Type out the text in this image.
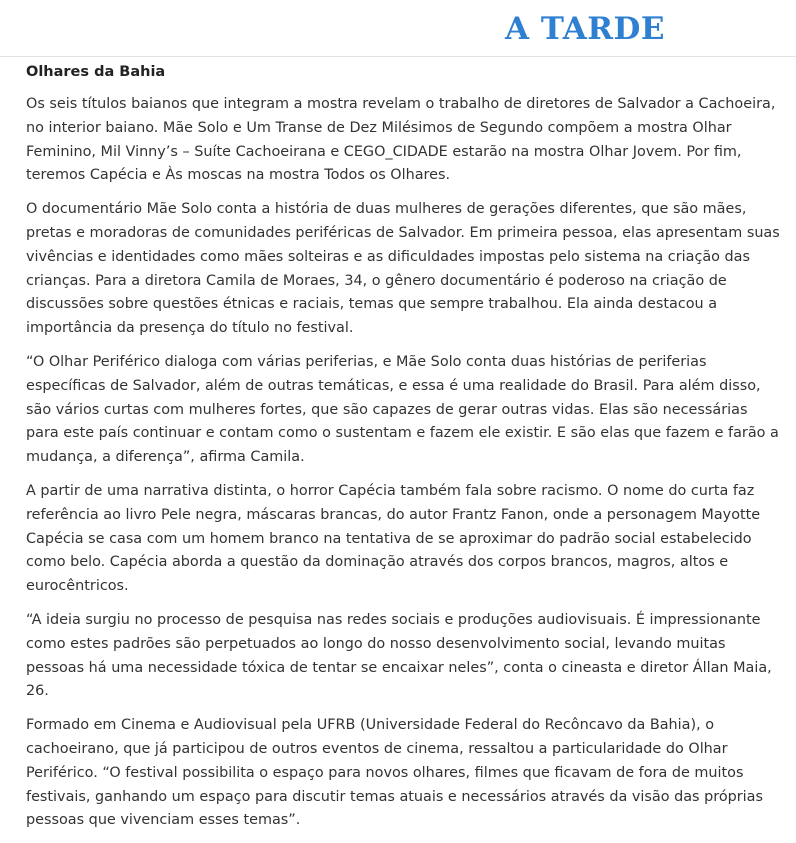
A TARDE
Olhares da Bahia

Os seis títulos baianos que integram a mostra revelam o trabalho de diretores de Salvador a Cachoeira, no interior baiano. Mãe Solo e Um Transe de Dez Milésimos de Segundo compõem a mostra Olhar Feminino, Mil Vinny’s – Suíte Cachoeirana e CEGO_CIDADE estarão na mostra Olhar Jovem. Por fim, teremos Capécia e Às moscas na mostra Todos os Olhares.

O documentário Mãe Solo conta a história de duas mulheres de gerações diferentes, que são mães, pretas e moradoras de comunidades periféricas de Salvador. Em primeira pessoa, elas apresentam suas vivências e identidades como mães solteiras e as dificuldades impostas pelo sistema na criação das crianças. Para a diretora Camila de Moraes, 34, o gênero documentário é poderoso na criação de discussões sobre questões étnicas e raciais, temas que sempre trabalhou. Ela ainda destacou a importância da presença do título no festival.

“O Olhar Periférico dialoga com várias periferias, e Mãe Solo conta duas histórias de periferias específicas de Salvador, além de outras temáticas, e essa é uma realidade do Brasil. Para além disso, são vários curtas com mulheres fortes, que são capazes de gerar outras vidas. Elas são necessárias para este país continuar e contam como o sustentam e fazem ele existir. E são elas que fazem e farão a mudança, a diferença”, afirma Camila.

A partir de uma narrativa distinta, o horror Capécia também fala sobre racismo. O nome do curta faz referência ao livro Pele negra, máscaras brancas, do autor Frantz Fanon, onde a personagem Mayotte Capécia se casa com um homem branco na tentativa de se aproximar do padrão social estabelecido como belo. Capécia aborda a questão da dominação através dos corpos brancos, magros, altos e eurocêntricos.

“A ideia surgiu no processo de pesquisa nas redes sociais e produções audiovisuais. É impressionante como estes padrões são perpetuados ao longo do nosso desenvolvimento social, levando muitas pessoas há uma necessidade tóxica de tentar se encaixar neles”, conta o cineasta e diretor Állan Maia, 26.

Formado em Cinema e Audiovisual pela UFRB (Universidade Federal do Recôncavo da Bahia), o cachoeirano, que já participou de outros eventos de cinema, ressaltou a particularidade do Olhar Periférico. “O festival possibilita o espaço para novos olhares, filmes que ficavam de fora de muitos festivais, ganhando um espaço para discutir temas atuais e necessários através da visão das próprias pessoas que vivenciam esses temas”.
